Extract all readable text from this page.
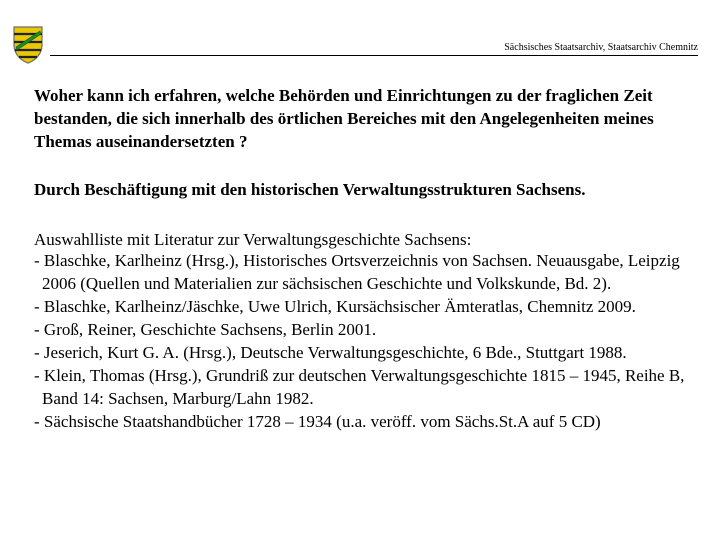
Sächsisches Staatsarchiv, Staatsarchiv Chemnitz

Woher kann ich erfahren, welche Behörden und Einrichtungen zu der fraglichen Zeit bestanden, die sich innerhalb des örtlichen Bereiches mit den Angelegenheiten meines Themas auseinandersetzten ?

Durch Beschäftigung mit den historischen Verwaltungsstrukturen Sachsens.

Auswahlliste mit Literatur zur Verwaltungsgeschichte Sachsens:

- Blaschke, Karlheinz (Hrsg.), Historisches Ortsverzeichnis von Sachsen. Neuausgabe, Leipzig 2006 (Quellen und Materialien zur sächsischen Geschichte und Volkskunde, Bd. 2).
- Blaschke, Karlheinz/Jäschke, Uwe Ulrich, Kursächsischer Ämteratlas, Chemnitz 2009.
- Groß, Reiner, Geschichte Sachsens, Berlin 2001.
- Jeserich, Kurt G. A. (Hrsg.), Deutsche Verwaltungsgeschichte, 6 Bde., Stuttgart 1988.
- Klein, Thomas (Hrsg.), Grundriß zur deutschen Verwaltungsgeschichte 1815 – 1945, Reihe B, Band 14: Sachsen, Marburg/Lahn 1982.
- Sächsische Staatshandbücher 1728 – 1934 (u.a. veröff. vom Sächs.St.A auf 5 CD)
